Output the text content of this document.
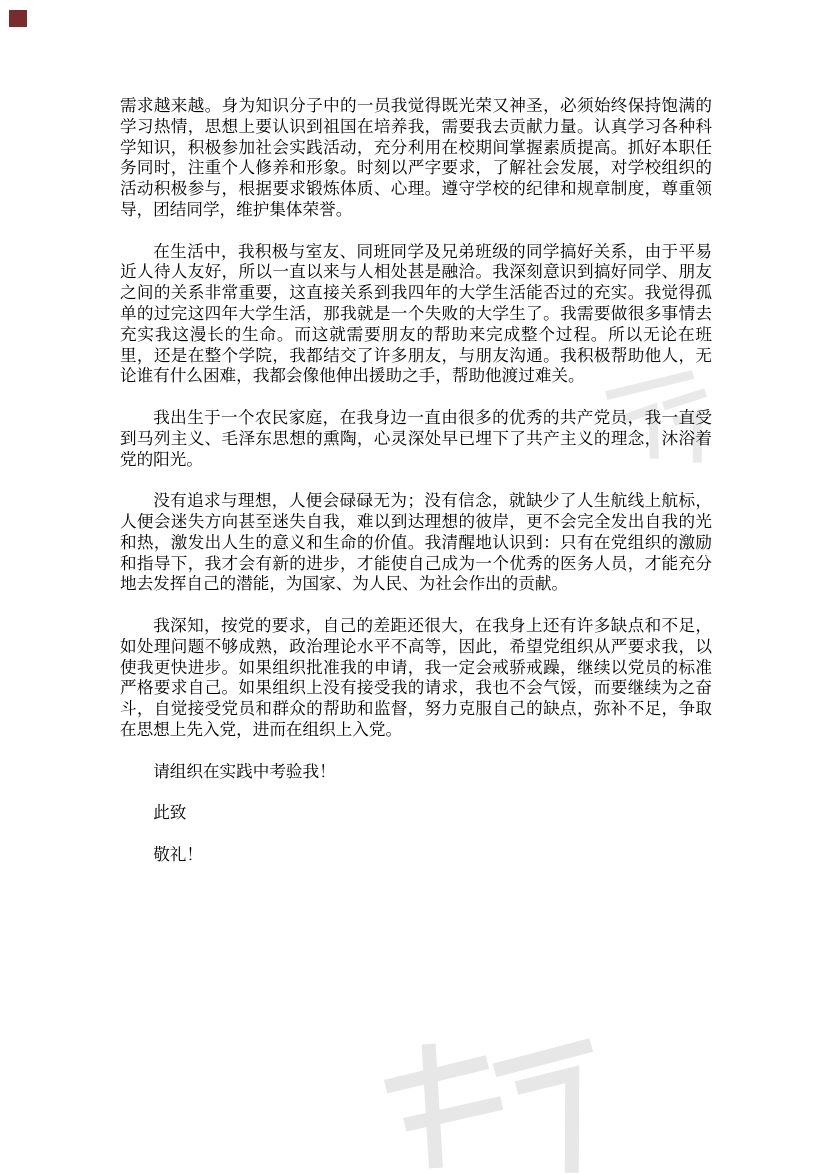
需求越来越。身为知识分子中的一员我觉得既光荣又神圣，必须始终保持饱满的学习热情，思想上要认识到祖国在培养我，需要我去贡献力量。认真学习各种科学知识，积极参加社会实践活动，充分利用在校期间掌握素质提高。抓好本职任务同时，注重个人修养和形象。时刻以严字要求，了解社会发展，对学校组织的活动积极参与，根据要求锻炼体质、心理。遵守学校的纪律和规章制度，尊重领导，团结同学，维护集体荣誉。

在生活中，我积极与室友、同班同学及兄弟班级的同学搞好关系，由于平易近人待人友好，所以一直以来与人相处甚是融洽。我深刻意识到搞好同学、朋友之间的关系非常重要，这直接关系到我四年的大学生活能否过的充实。我觉得孤单的过完这四年大学生活，那我就是一个失败的大学生了。我需要做很多事情去充实我这漫长的生命。而这就需要朋友的帮助来完成整个过程。所以无论在班里，还是在整个学院，我都结交了许多朋友，与朋友沟通。我积极帮助他人，无论谁有什么困难，我都会像他伸出援助之手，帮助他渡过难关。

我出生于一个农民家庭，在我身边一直由很多的优秀的共产党员，我一直受到马列主义、毛泽东思想的熏陶，心灵深处早已埋下了共产主义的理念，沐浴着党的阳光。

没有追求与理想，人便会碌碌无为；没有信念，就缺少了人生航线上航标，人便会迷失方向甚至迷失自我，难以到达理想的彼岸，更不会完全发出自我的光和热，激发出人生的意义和生命的价值。我清醒地认识到：只有在党组织的激励和指导下，我才会有新的进步，才能使自己成为一个优秀的医务人员，才能充分地去发挥自己的潜能，为国家、为人民、为社会作出的贡献。

我深知，按党的要求，自己的差距还很大，在我身上还有许多缺点和不足，如处理问题不够成熟，政治理论水平不高等，因此，希望党组织从严要求我，以使我更快进步。如果组织批准我的申请，我一定会戒骄戒躁，继续以党员的标准严格要求自己。如果组织上没有接受我的请求，我也不会气馁，而要继续为之奋斗，自觉接受党员和群众的帮助和监督，努力克服自己的缺点，弥补不足，争取在思想上先入党，进而在组织上入党。

请组织在实践中考验我！

此致

敬礼！
